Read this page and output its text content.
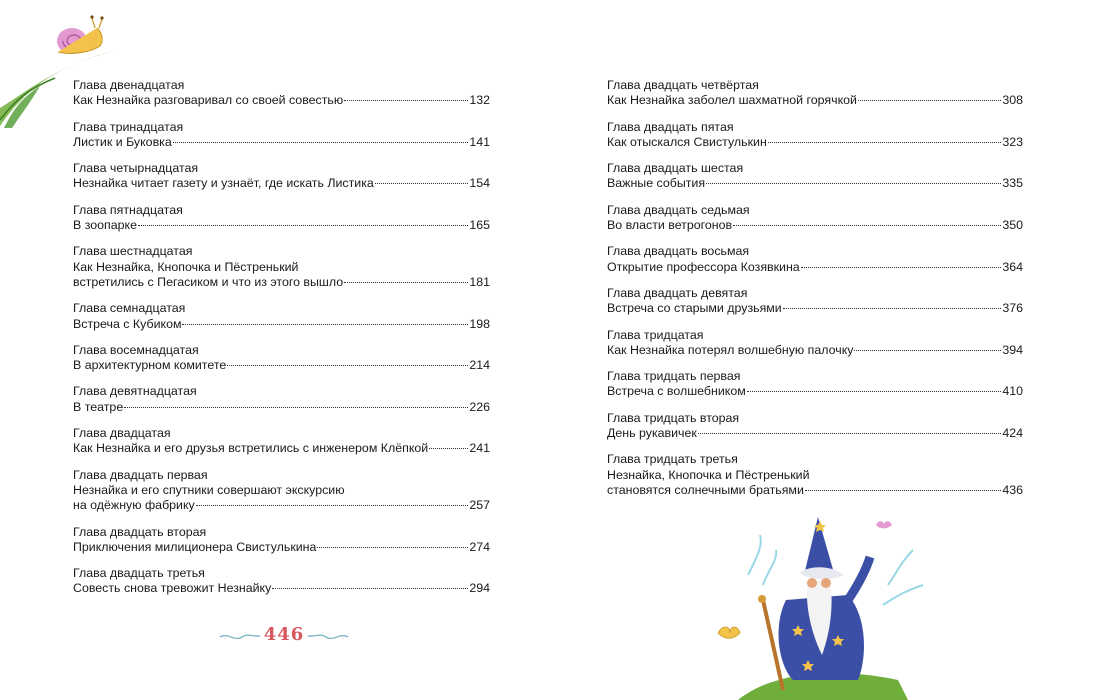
Глава двенадцатая
Как Незнайка разговаривал со своей совестью	132
Глава тринадцатая
Листик и Буковка	141
Глава четырнадцатая
Незнайка читает газету и узнаёт, где искать Листика	154
Глава пятнадцатая
В зоопарке	165
Глава шестнадцатая
Как Незнайка, Кнопочка и Пёстренький
встретились с Пегасиком и что из этого вышло	181
Глава семнадцатая
Встреча с Кубиком	198
Глава восемнадцатая
В архитектурном комитете	214
Глава девятнадцатая
В театре	226
Глава двадцатая
Как Незнайка и его друзья встретились с инженером Клёпкой	241
Глава двадцать первая
Незнайка и его спутники совершают экскурсию
на одёжную фабрику	257
Глава двадцать вторая
Приключения милиционера Свистулькина	274
Глава двадцать третья
Совесть снова тревожит Незнайку	294
Глава двадцать четвёртая
Как Незнайка заболел шахматной горячкой	308
Глава двадцать пятая
Как отыскался Свистулькин	323
Глава двадцать шестая
Важные события	335
Глава двадцать седьмая
Во власти ветрогонов	350
Глава двадцать восьмая
Открытие профессора Козявкина	364
Глава двадцать девятая
Встреча со старыми друзьями	376
Глава тридцатая
Как Незнайка потерял волшебную палочку	394
Глава тридцать первая
Встреча с волшебником	410
Глава тридцать вторая
День рукавичек	424
Глава тридцать третья
Незнайка, Кнопочка и Пёстренький
становятся солнечными братьями	436
446
